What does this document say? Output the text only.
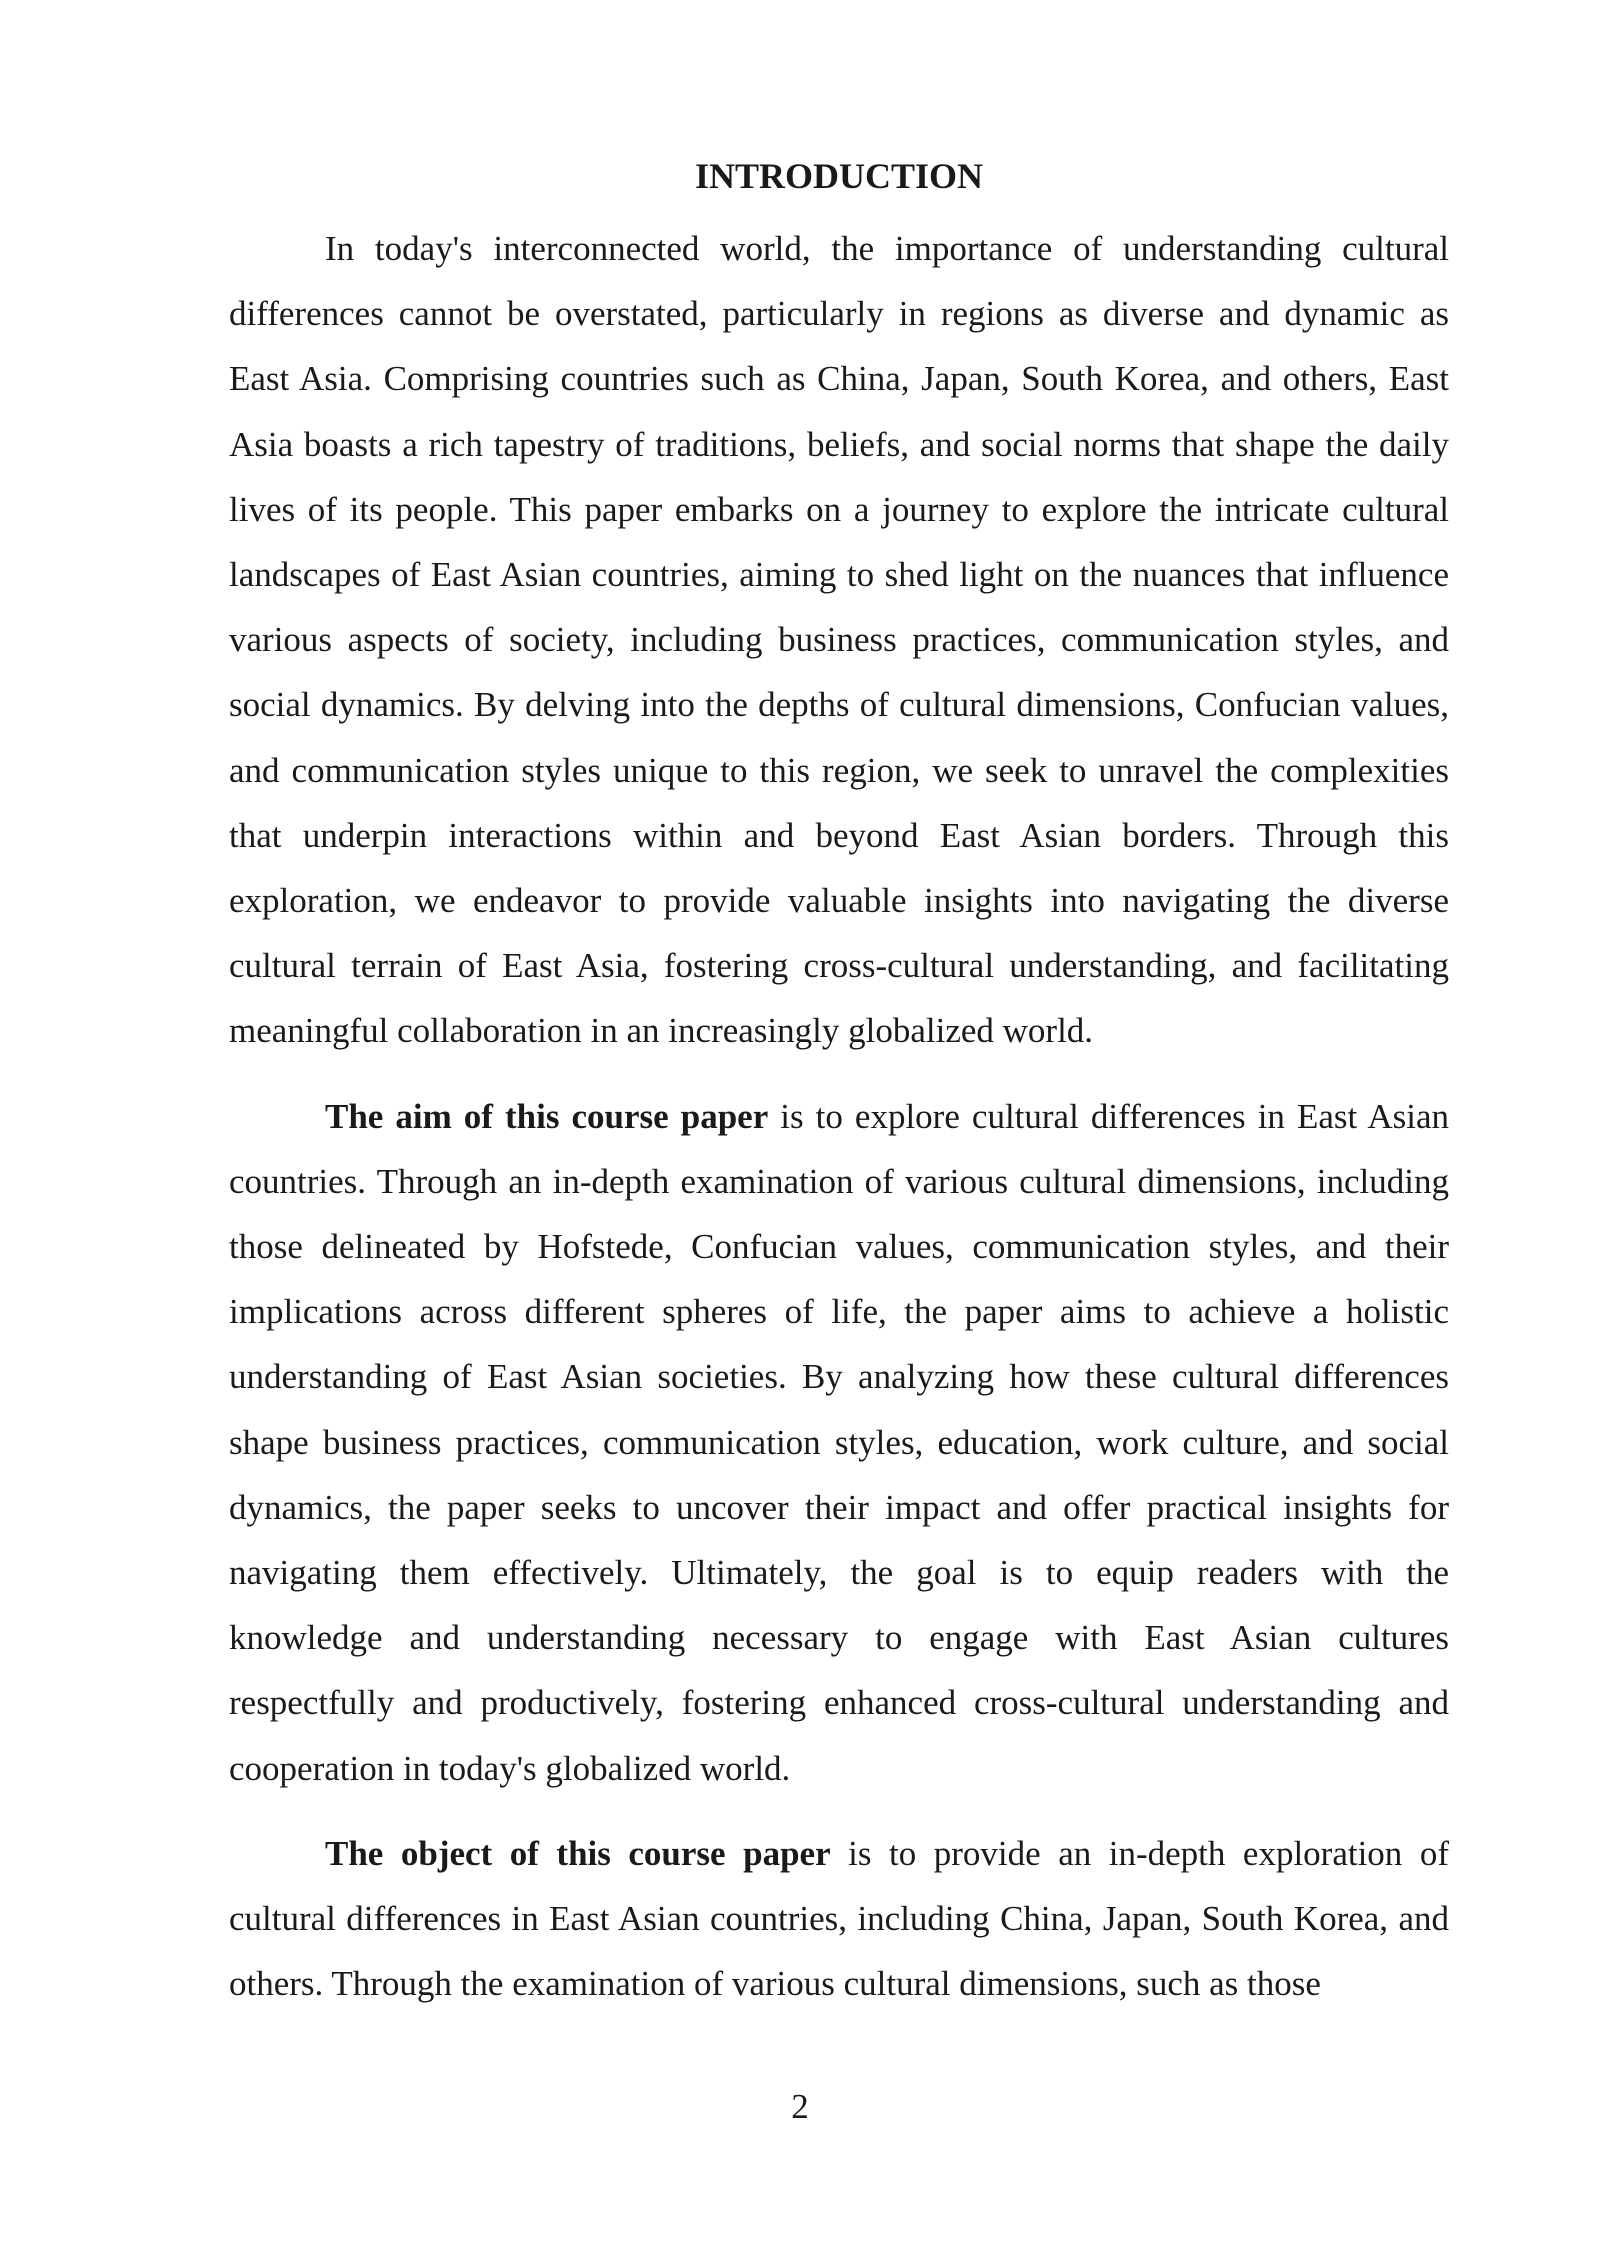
INTRODUCTION

In today's interconnected world, the importance of understanding cultural differences cannot be overstated, particularly in regions as diverse and dynamic as East Asia. Comprising countries such as China, Japan, South Korea, and others, East Asia boasts a rich tapestry of traditions, beliefs, and social norms that shape the daily lives of its people. This paper embarks on a journey to explore the intricate cultural landscapes of East Asian countries, aiming to shed light on the nuances that influence various aspects of society, including business practices, communication styles, and social dynamics. By delving into the depths of cultural dimensions, Confucian values, and communication styles unique to this region, we seek to unravel the complexities that underpin interactions within and beyond East Asian borders. Through this exploration, we endeavor to provide valuable insights into navigating the diverse cultural terrain of East Asia, fostering cross-cultural understanding, and facilitating meaningful collaboration in an increasingly globalized world.

The aim of this course paper is to explore cultural differences in East Asian countries. Through an in-depth examination of various cultural dimensions, including those delineated by Hofstede, Confucian values, communication styles, and their implications across different spheres of life, the paper aims to achieve a holistic understanding of East Asian societies. By analyzing how these cultural differences shape business practices, communication styles, education, work culture, and social dynamics, the paper seeks to uncover their impact and offer practical insights for navigating them effectively. Ultimately, the goal is to equip readers with the knowledge and understanding necessary to engage with East Asian cultures respectfully and productively, fostering enhanced cross-cultural understanding and cooperation in today's globalized world.

The object of this course paper is to provide an in-depth exploration of cultural differences in East Asian countries, including China, Japan, South Korea, and others. Through the examination of various cultural dimensions, such as those

2
